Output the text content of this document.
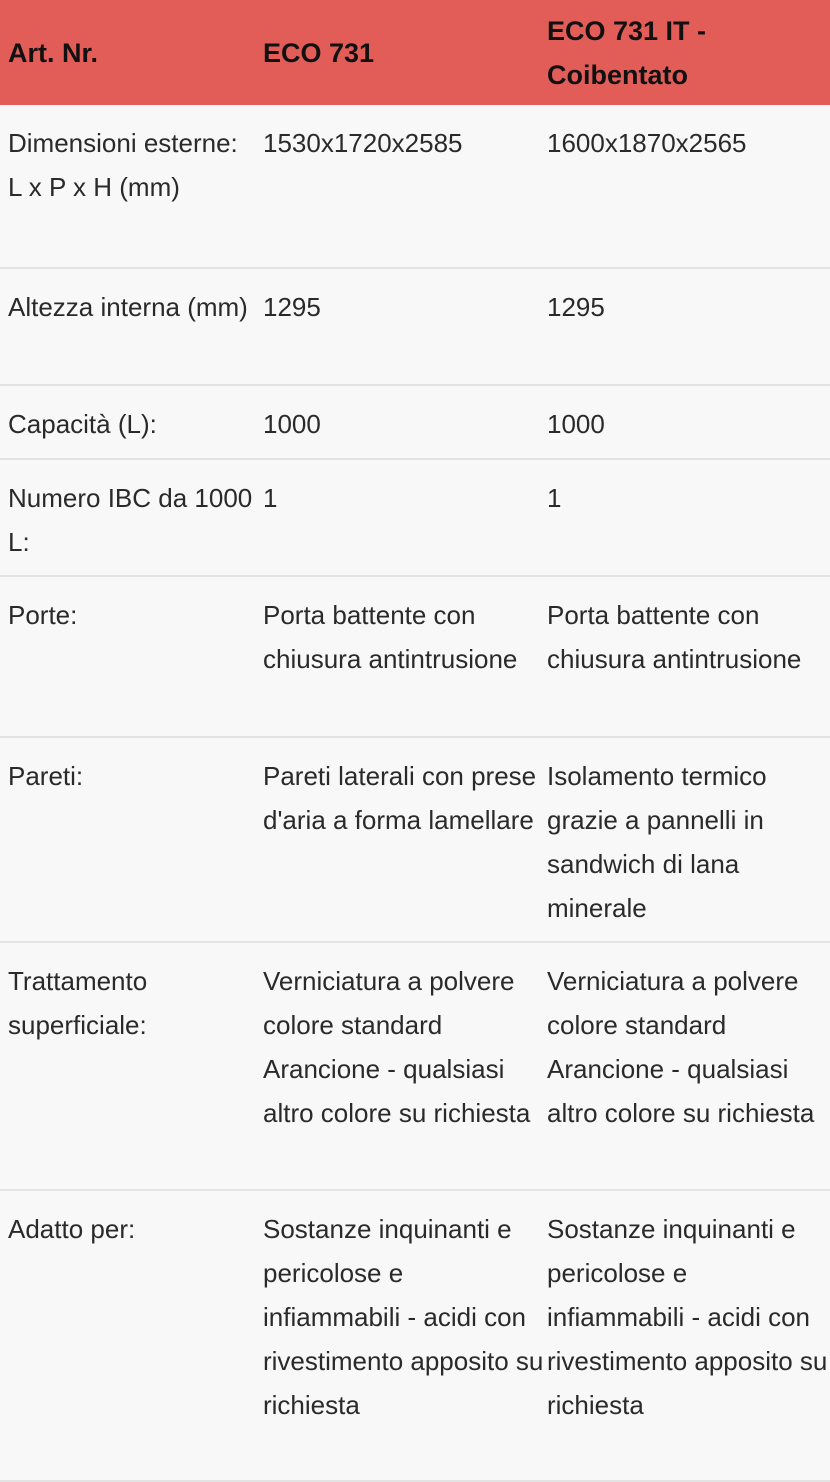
Art. Nr.	ECO 731	ECO 731 IT - Coibentato
Dimensioni esterne:
L x P x H (mm)	1530x1720x2585	1600x1870x2565
Altezza interna (mm)	1295	1295
Capacità (L):	1000	1000
Numero IBC da 1000 L:	1	1
Porte:	Porta battente con chiusura antintrusione	Porta battente con chiusura antintrusione
Pareti:	Pareti laterali con prese d'aria a forma lamellare	Isolamento termico grazie a pannelli in sandwich di lana minerale
Trattamento superficiale:	Verniciatura a polvere colore standard Arancione - qualsiasi altro colore su richiesta	Verniciatura a polvere colore standard Arancione - qualsiasi altro colore su richiesta
Adatto per:	Sostanze inquinanti e pericolose e infiammabili - acidi con rivestimento apposito su richiesta	Sostanze inquinanti e pericolose e infiammabili - acidi con rivestimento apposito su richiesta
